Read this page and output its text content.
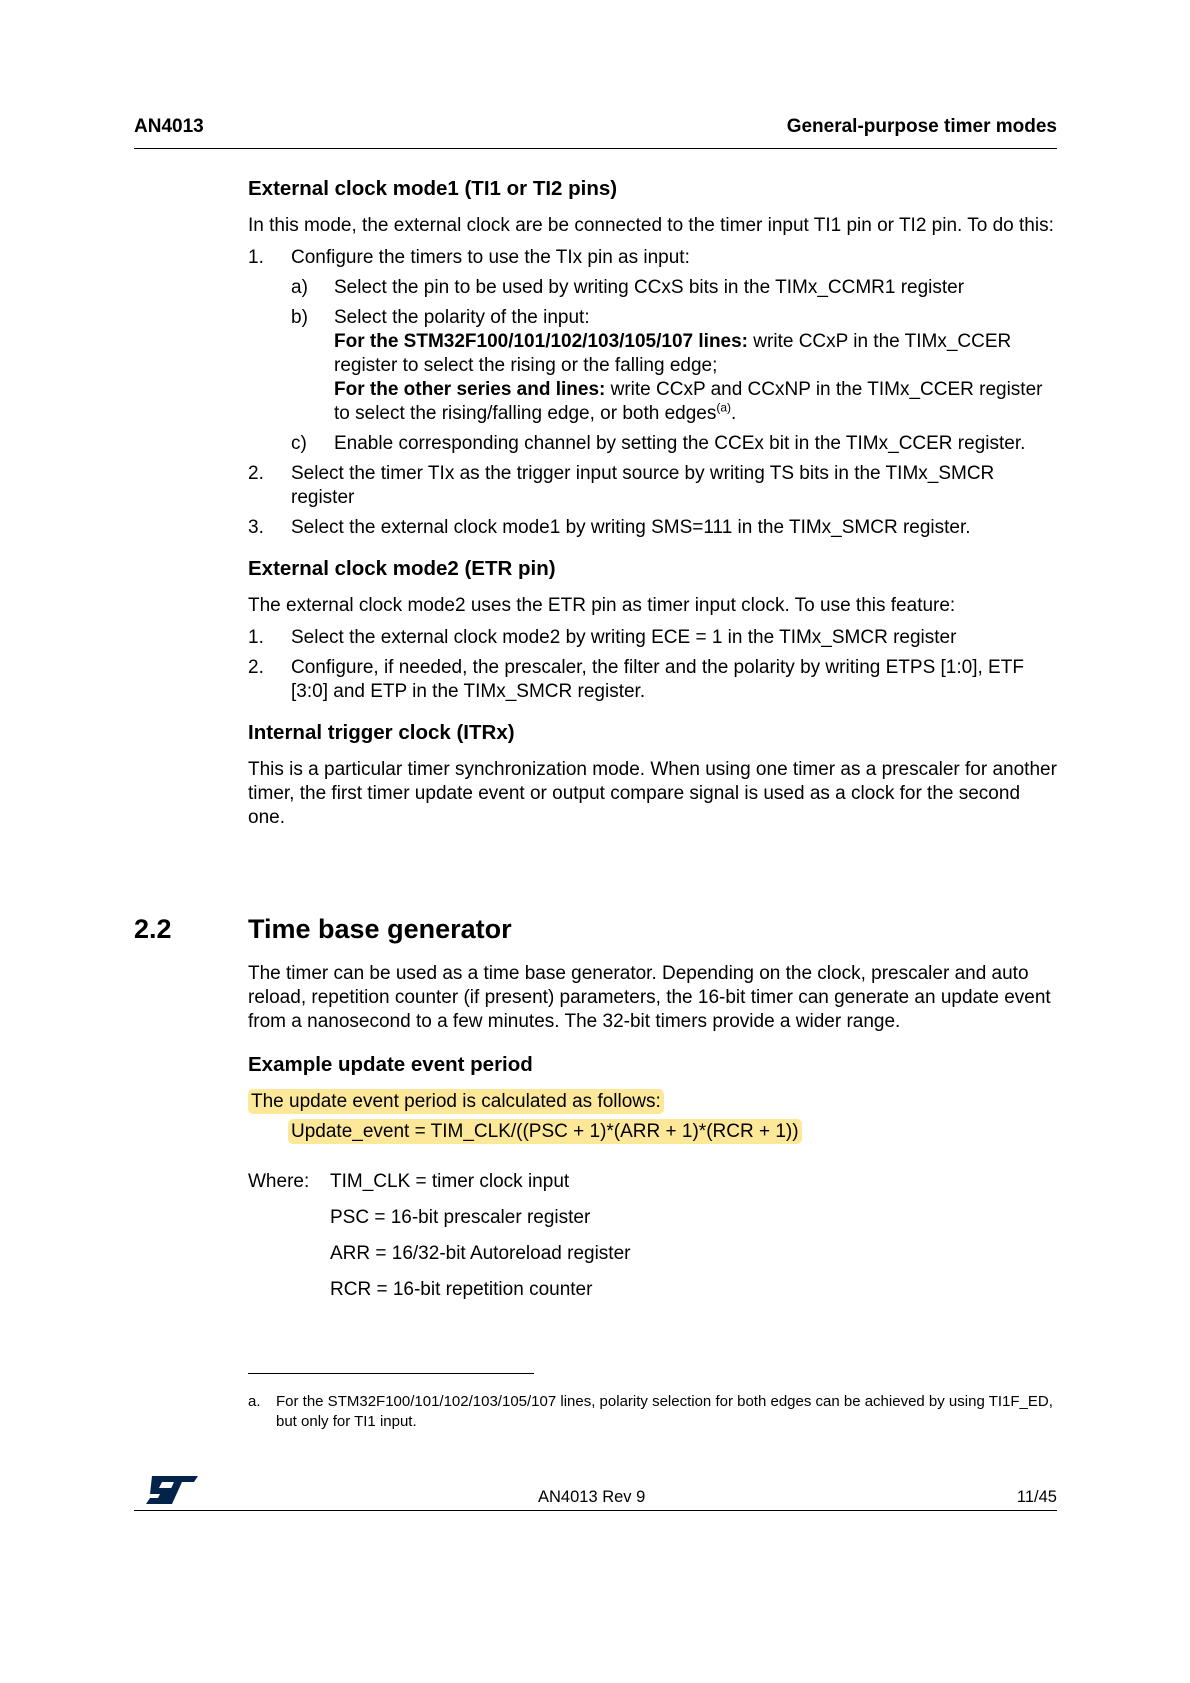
AN4013	General-purpose timer modes
External clock mode1 (TI1 or TI2 pins)

In this mode, the external clock are be connected to the timer input TI1 pin or TI2 pin. To do this:

1. Configure the timers to use the TIx pin as input:
a) Select the pin to be used by writing CCxS bits in the TIMx_CCMR1 register
b) Select the polarity of the input:
For the STM32F100/101/102/103/105/107 lines: write CCxP in the TIMx_CCER register to select the rising or the falling edge;
For the other series and lines: write CCxP and CCxNP in the TIMx_CCER register to select the rising/falling edge, or both edges$^{(a)}$.
c) Enable corresponding channel by setting the CCEx bit in the TIMx_CCER register.
2. Select the timer TIx as the trigger input source by writing TS bits in the TIMx_SMCR register
3. Select the external clock mode1 by writing SMS=111 in the TIMx_SMCR register.
External clock mode2 (ETR pin)

The external clock mode2 uses the ETR pin as timer input clock. To use this feature:

1. Select the external clock mode2 by writing ECE = 1 in the TIMx_SMCR register
2. Configure, if needed, the prescaler, the filter and the polarity by writing ETPS [1:0], ETF [3:0] and ETP in the TIMx_SMCR register.
Internal trigger clock (ITRx)

This is a particular timer synchronization mode. When using one timer as a prescaler for another timer, the first timer update event or output compare signal is used as a clock for the second one.

2.2	Time base generator

The timer can be used as a time base generator. Depending on the clock, prescaler and auto reload, repetition counter (if present) parameters, the 16-bit timer can generate an update event from a nanosecond to a few minutes. The 32-bit timers provide a wider range.

Example update event period
The update event period is calculated as follows:
Update_event = TIM_CLK/((PSC + 1)*(ARR + 1)*(RCR + 1))
Where: TIM_CLK = timer clock input
PSC = 16-bit prescaler register
ARR = 16/32-bit Autoreload register
RCR = 16-bit repetition counter
a. For the STM32F100/101/102/103/105/107 lines, polarity selection for both edges can be achieved by using TI1F_ED, but only for TI1 input.
AN4013 Rev 9	11/45
